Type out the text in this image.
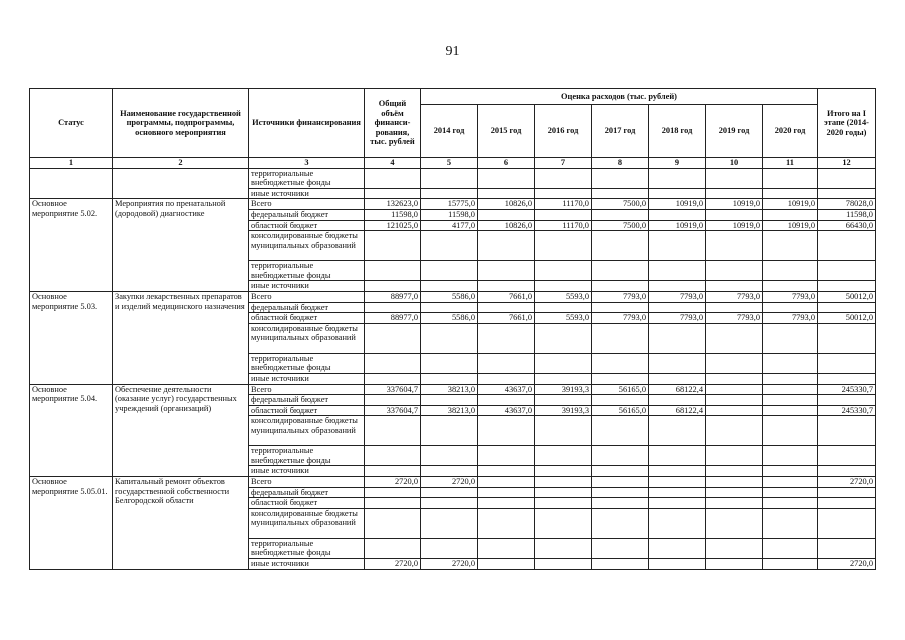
91
Статус	Наименование государственной программы, подпрограммы, основного мероприятия	Источники финансирования	Общий объём финанси-рования, тыс. рублей	Оценка расходов (тыс. рублей)							Итого на I этапе (2014-2020 годы)
				2014 год	2015 год	2016 год	2017 год	2018 год	2019 год	2020 год	
1	2	3	4	5	6	7	8	9	10	11	12
		территориальные внебюджетные фонды									
		иные источники									
Основное мероприятие 5.02.	Мероприятия по пренатальной (дородовой) диагностике	Всего	132623,0	15775,0	10826,0	11170,0	7500,0	10919,0	10919,0	10919,0	78028,0
		федеральный бюджет	11598,0	11598,0							11598,0
		областной бюджет	121025,0	4177,0	10826,0	11170,0	7500,0	10919,0	10919,0	10919,0	66430,0
		консолидированные бюджеты муниципальных образований									
		территориальные внебюджетные фонды									
		иные источники									
Основное мероприятие 5.03.	Закупки лекарственных препаратов и изделий медицинского назначения	Всего	88977,0	5586,0	7661,0	5593,0	7793,0	7793,0	7793,0	7793,0	50012,0
		федеральный бюджет									
		областной бюджет	88977,0	5586,0	7661,0	5593,0	7793,0	7793,0	7793,0	7793,0	50012,0
		консолидированные бюджеты муниципальных образований									
		территориальные внебюджетные фонды									
		иные источники									
Основное мероприятие 5.04.	Обеспечение деятельности (оказание услуг) государственных учреждений (организаций)	Всего	337604,7	38213,0	43637,0	39193,3	56165,0	68122,4			245330,7
		федеральный бюджет									
		областной бюджет	337604,7	38213,0	43637,0	39193,3	56165,0	68122,4			245330,7
		консолидированные бюджеты муниципальных образований									
		территориальные внебюджетные фонды									
		иные источники									
Основное мероприятие 5.05.01.	Капитальный ремонт объектов государственной собственности Белгородской области	Всего	2720,0	2720,0							2720,0
		федеральный бюджет									
		областной бюджет									
		консолидированные бюджеты муниципальных образований									
		территориальные внебюджетные фонды									
		иные источники	2720,0	2720,0							2720,0
